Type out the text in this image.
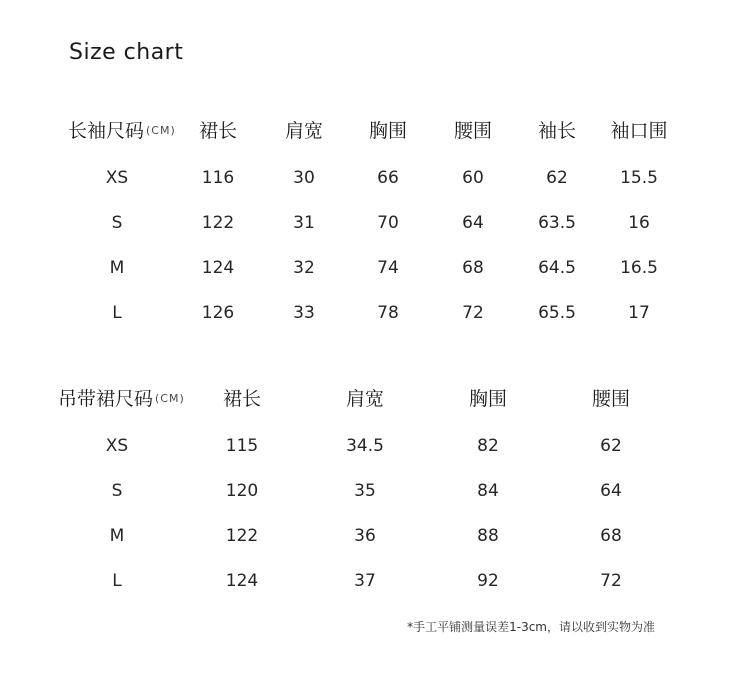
Size chart
长袖尺码 (CM) 裙长	肩宽 胸围 腰围 袖长 袖口围
XS	116	30	66	60	62	15.5
S	122	31	70	64	63.5	16
M	124	32	74	68	64.5	16.5
L	126	33	78	72	65.5	17
吊带裙尺码 (CM) 裙长	肩宽	胸围	腰围
XS	115	34.5	82	62
S	120	35	84	64
M	122	36	88	68
L	124	37	92	72
*手工平铺测量误差1-3cm，请以收到实物为准
